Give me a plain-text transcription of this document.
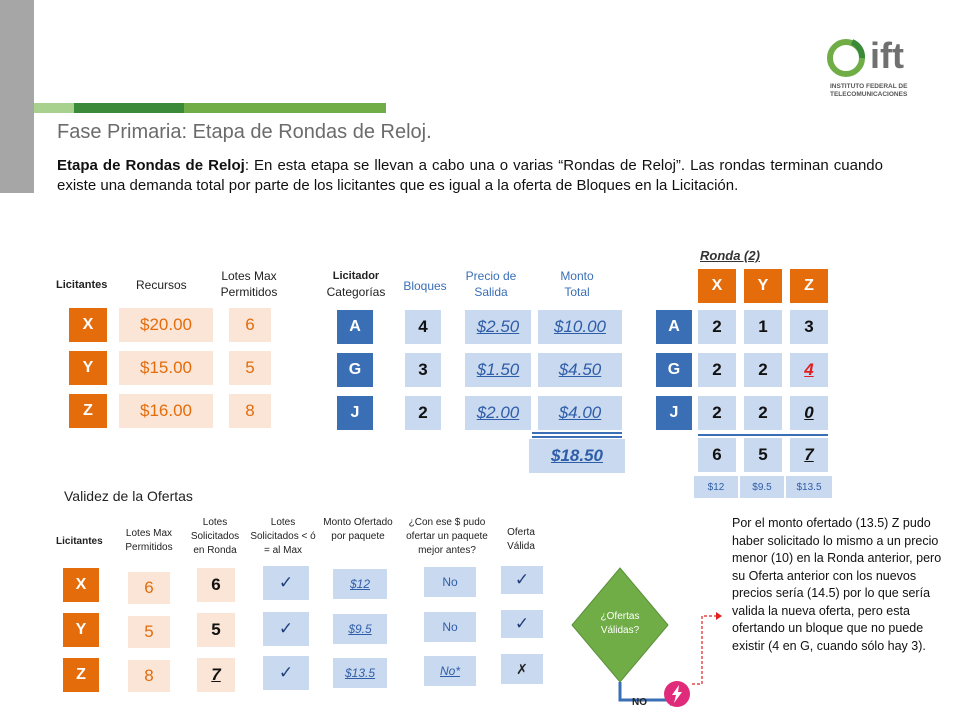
ift
INSTITUTO FEDERAL DE
TELECOMUNICACIONES
Fase Primaria: Etapa de Rondas de Reloj.
Etapa de Rondas de Reloj: En esta etapa se llevan a cabo una o varias “Rondas de Reloj”. Las rondas terminan cuando existe una demanda total por parte de los licitantes que es igual a la oferta de Bloques en la Licitación.
Licitantes Recursos
Lotes Max Permitidos
X	$20.00	6
Y	$15.00	5
Z	$16.00	8
Licitador
Categorías	Bloques
Precio de Salida
Monto Total
A	4	$2.50	$10.00
G	3	$1.50	$4.50
J	2	$2.00	$4.00
$18.50
Ronda (2)
X	Y	Z
A	2	1	3
G	2	2	4
J	2	2	0
6	5	7
$12	$9.5	$13.5
Validez de la Ofertas
Licitantes
Lotes Max Permitidos
Lotes Solicitados en Ronda
Lotes Solicitados < ó = al Max
Monto Ofertado por paquete
¿Con ese $ pudo ofertar un paquete mejor antes?
Oferta Válida
X	6	6	✓	$12	No	✓
Y	5	5	✓	$9.5	No	✓
Z	8	7	✓	$13.5	No*	✗
¿Ofertas Válidas?
NO
Por el monto ofertado (13.5) Z pudo haber solicitado lo mismo a un precio menor (10) en la Ronda anterior, pero su Oferta anterior con los nuevos precios sería (14.5) por lo que sería valida la nueva oferta, pero esta ofertando un bloque que no puede existir (4 en G, cuando sólo hay 3).
